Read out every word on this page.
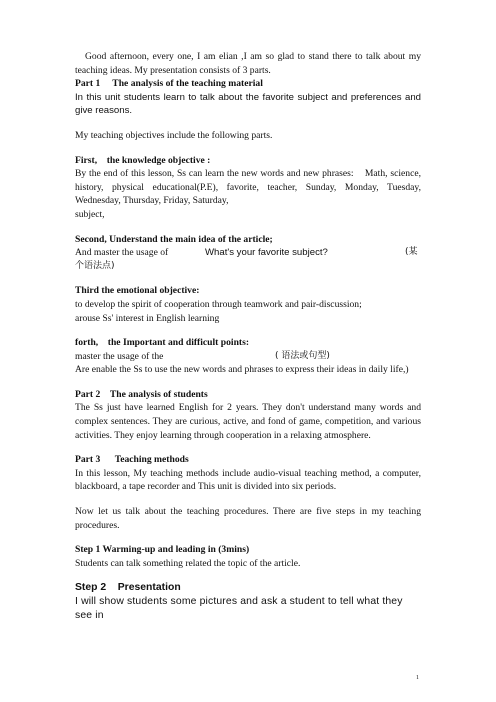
Good afternoon, every one, I am elian ,I am so glad to stand there to talk about my teaching ideas. My presentation consists of 3 parts.

Part 1     The analysis of the teaching material

In this unit students learn to talk about the favorite subject and preferences and give reasons.

My teaching objectives include the following parts.

First,    the knowledge objective :

By the end of this lesson, Ss can learn the new words and new phrases:    Math, science, history, physical educational(P.E), favorite, teacher, Sunday, Monday, Tuesday, Wednesday, Thursday, Friday, Saturday,

subject,

Second, Understand the main idea of the article;

And master the usage of	What's your favorite subject?	(某

个语法点)

Third the emotional objective:

to develop the spirit of cooperation through teamwork and pair-discussion;

arouse Ss' interest in English learning

forth,    the Important and difficult points:

master the usage of the	( 语法或句型)

Are enable the Ss to use the new words and phrases to express their ideas in daily life,)

Part 2    The analysis of students

The Ss just have learned English for 2 years. They don't understand many words and complex sentences. They are curious, active, and fond of game, competition, and various activities. They enjoy learning through cooperation in a relaxing atmosphere.

Part 3      Teaching methods

In this lesson, My teaching methods include audio-visual teaching method, a computer, blackboard, a tape recorder and This unit is divided into six periods.

Now let us talk about the teaching procedures. There are five steps in my teaching procedures.

Step 1 Warming-up and leading in (3mins)

Students can talk something related the topic of the article.

Step 2    Presentation

I will show students some pictures and ask a student to tell what they see in

1
